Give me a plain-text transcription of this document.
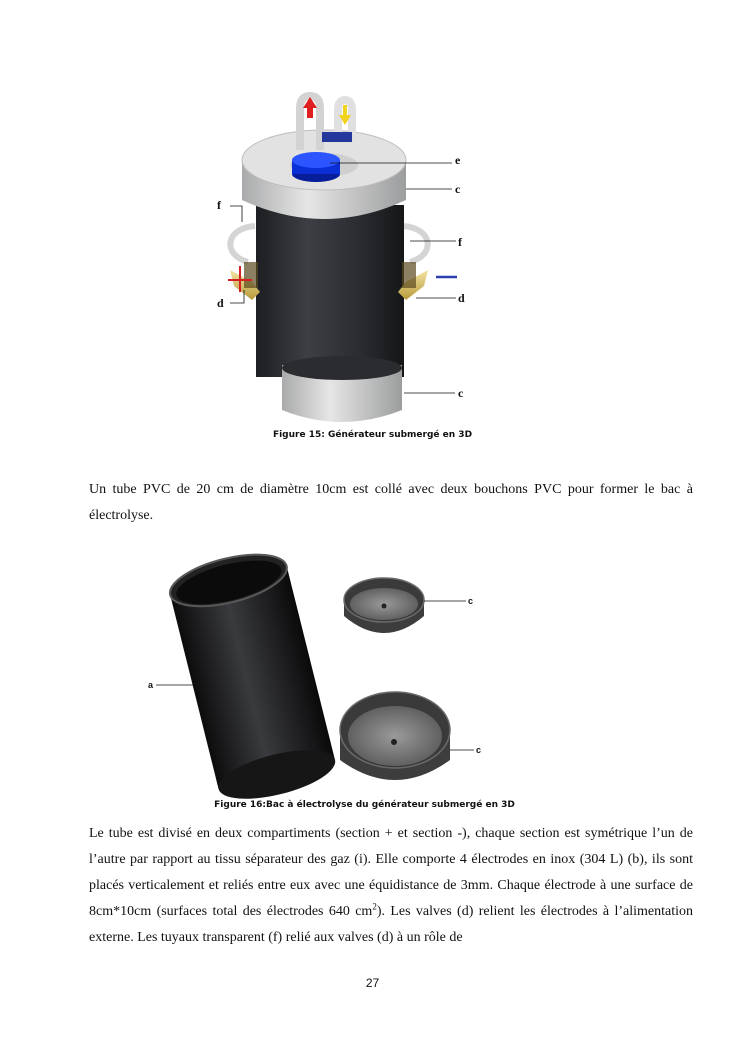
e
c
f
f
d	d
c
Figure 15: Générateur submergé en 3D

Un tube PVC de 20 cm de diamètre 10cm est collé avec deux bouchons PVC pour former le bac à électrolyse.

a
c
c
Figure 16:Bac à électrolyse du générateur submergé en 3D

Le tube est divisé en deux compartiments (section + et section -), chaque section est symétrique l’un de l’autre par rapport au tissu séparateur des gaz (i). Elle comporte 4 électrodes en inox (304 L) (b), ils sont placés verticalement et reliés entre eux avec une équidistance de 3mm. Chaque électrode à une surface de 8cm*10cm (surfaces total des électrodes 640 $cm^2$). Les valves (d) relient les électrodes à l’alimentation externe. Les tuyaux transparent (f) relié aux valves (d) à un rôle de

27
